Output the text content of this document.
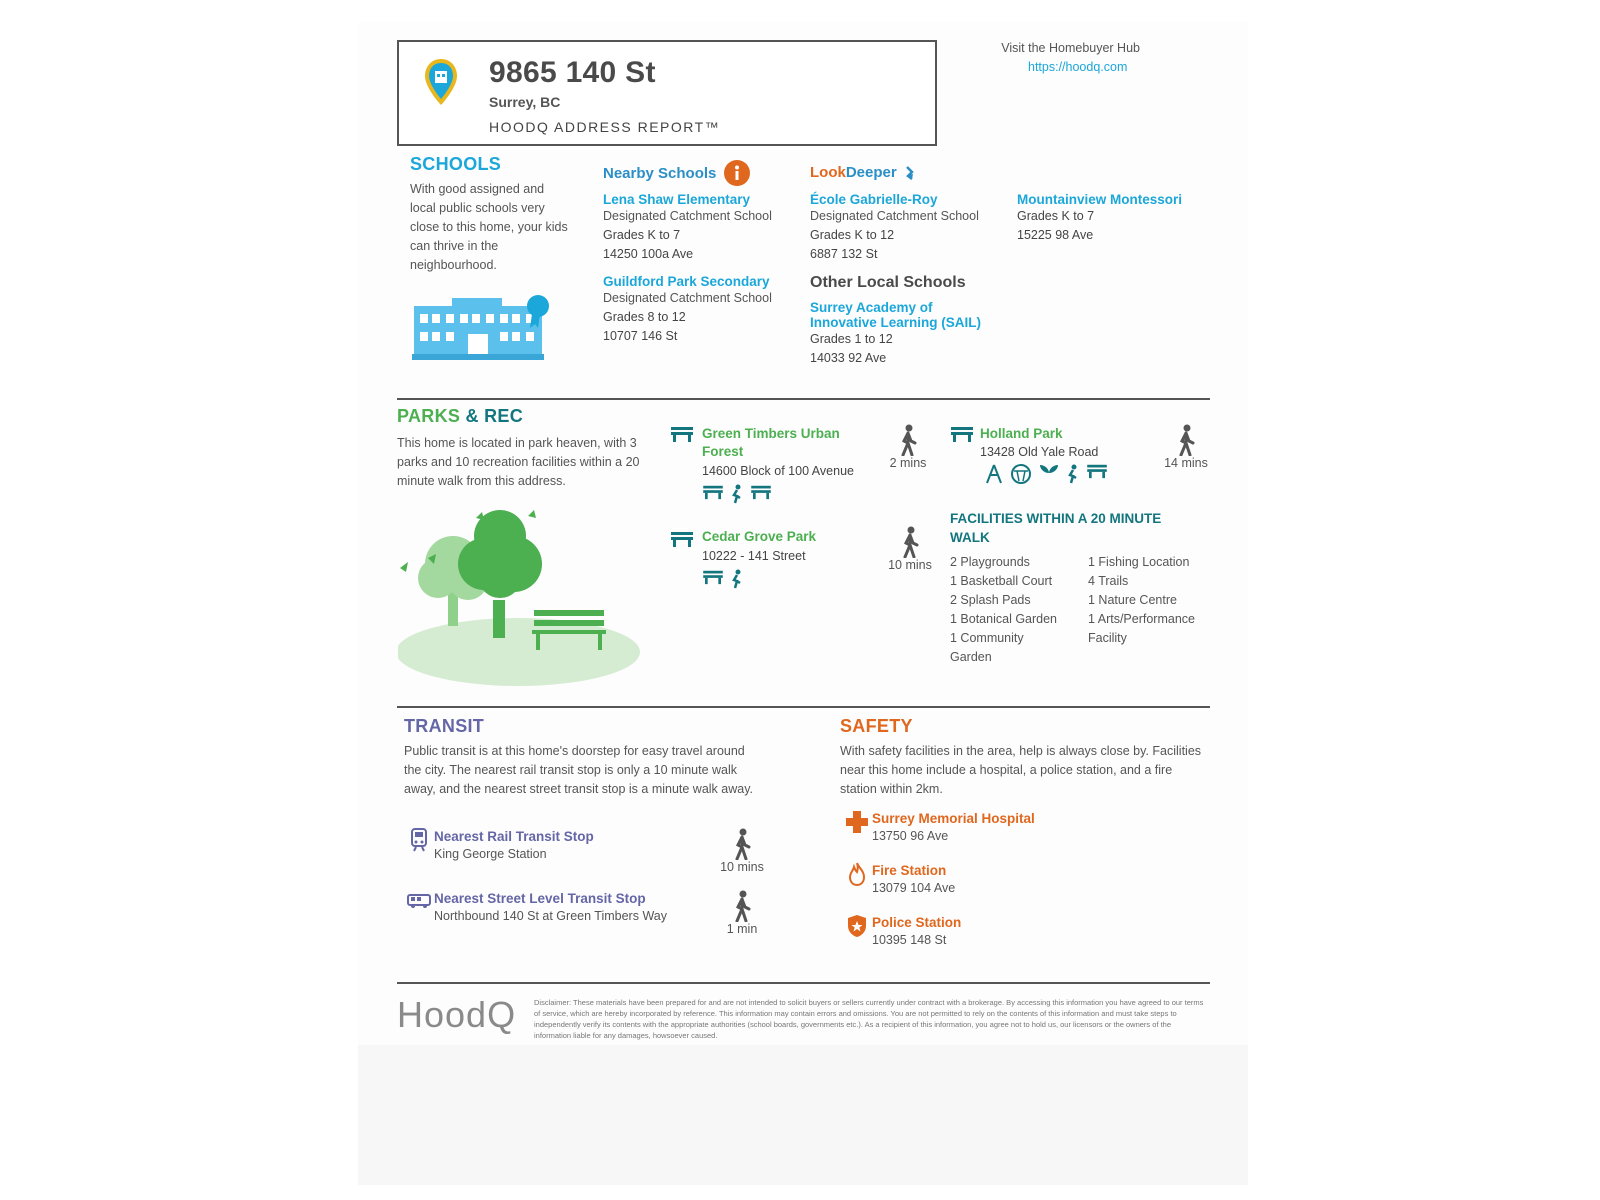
9865 140 St
Surrey, BC
HOODQ ADDRESS REPORT™
Visit the Homebuyer Hub
https://hoodq.com
SCHOOLS
With good assigned and local public schools very close to this home, your kids can thrive in the neighbourhood.
Nearby Schools	Look Deeper
Lena Shaw Elementary
Designated Catchment School
Grades K to 7
14250 100a Ave
Guildford Park Secondary
Designated Catchment School
Grades 8 to 12
10707 146 St
École Gabrielle-Roy
Designated Catchment School
Grades K to 12
6887 132 St
Mountainview Montessori
Grades K to 7
15225 98 Ave
Other Local Schools
Surrey Academy of
Innovative Learning (SAIL)
Grades 1 to 12
14033 92 Ave
PARKS & REC
This home is located in park heaven, with 3 parks and 10 recreation facilities within a 20 minute walk from this address.
Green Timbers Urban
Forest
14600 Block of 100 Avenue
2 mins
Cedar Grove Park
10222 - 141 Street
10 mins
Holland Park
13428 Old Yale Road
14 mins
FACILITIES WITHIN A 20 MINUTE
WALK
2 Playgrounds
1 Basketball Court
2 Splash Pads
1 Botanical Garden
1 Community
Garden
1 Fishing Location
4 Trails
1 Nature Centre
1 Arts/Performance
Facility
TRANSIT
Public transit is at this home's doorstep for easy travel around the city. The nearest rail transit stop is only a 10 minute walk away, and the nearest street transit stop is a minute walk away.
Nearest Rail Transit Stop
King George Station
10 mins
Nearest Street Level Transit Stop
Northbound 140 St at Green Timbers Way
1 min
SAFETY
With safety facilities in the area, help is always close by. Facilities near this home include a hospital, a police station, and a fire station within 2km.
Surrey Memorial Hospital
13750 96 Ave
Fire Station
13079 104 Ave
Police Station
10395 148 St
HoodQ Disclaimer: These materials have been prepared for and are not intended to solicit buyers or sellers currently under contract with a brokerage. By accessing this information you have agreed to our terms of service, which are hereby incorporated by reference. This information may contain errors and omissions. You are not permitted to rely on the contents of this information and must take steps to independently verify its contents with the appropriate authorities (school boards, governments etc.). As a recipient of this information, you agree not to hold us, our licensors or the owners of the information liable for any damages, howsoever caused.
